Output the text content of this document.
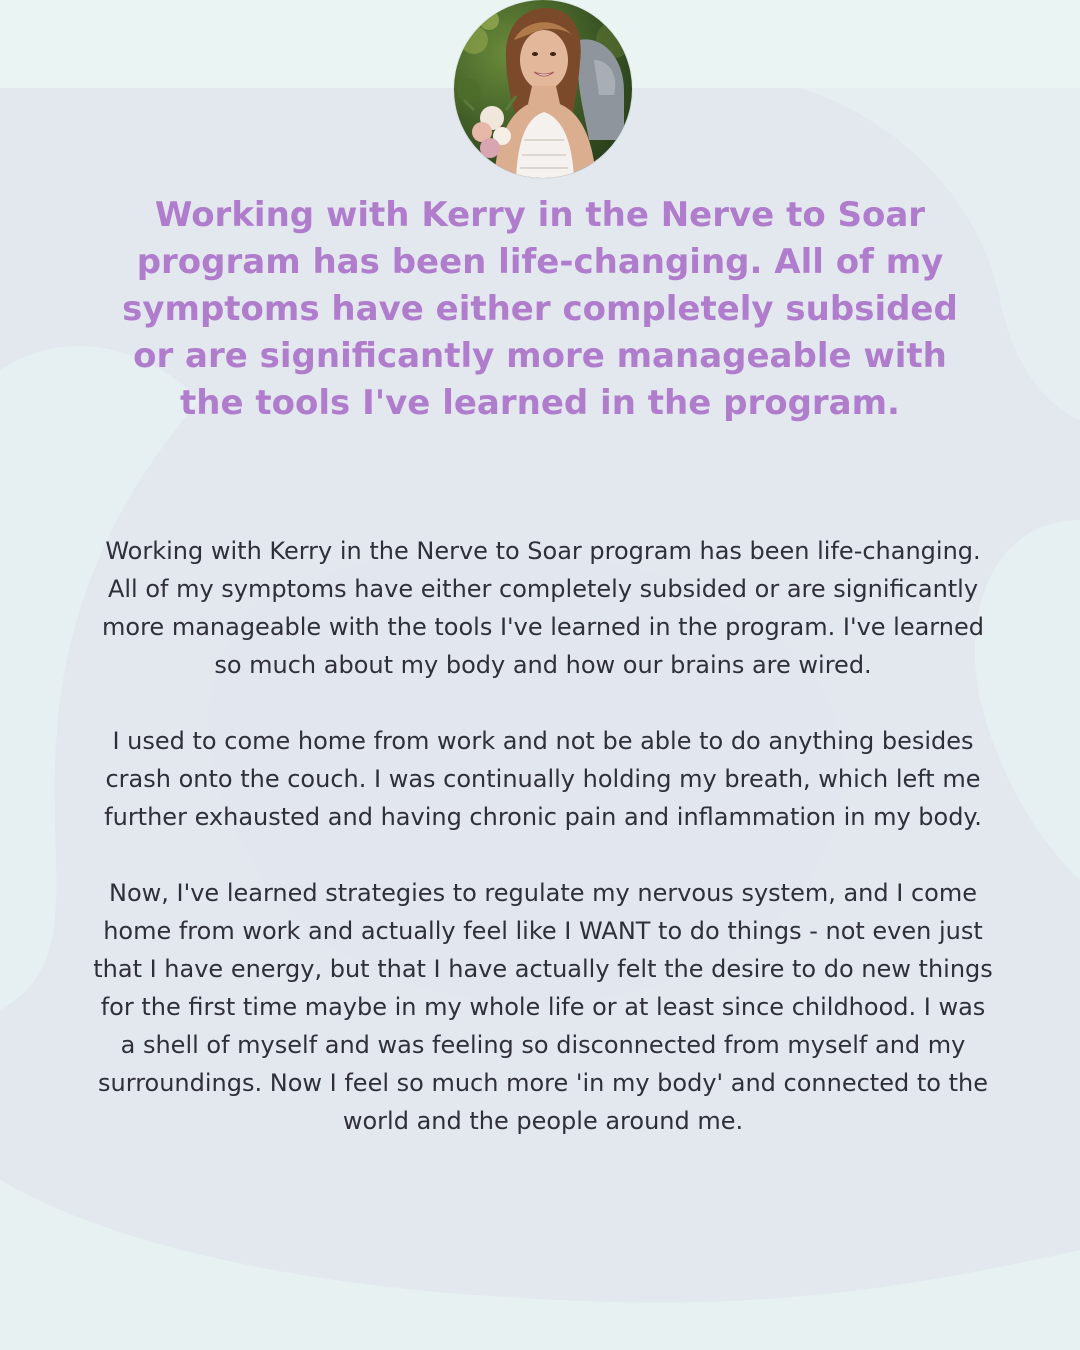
Working with Kerry in the Nerve to Soar program has been life-changing. All of my symptoms have either completely subsided or are significantly more manageable with the tools I've learned in the program.

Working with Kerry in the Nerve to Soar program has been life-changing. All of my symptoms have either completely subsided or are significantly more manageable with the tools I've learned in the program. I've learned so much about my body and how our brains are wired.

I used to come home from work and not be able to do anything besides crash onto the couch. I was continually holding my breath, which left me further exhausted and having chronic pain and inflammation in my body.

Now, I've learned strategies to regulate my nervous system, and I come home from work and actually feel like I WANT to do things - not even just that I have energy, but that I have actually felt the desire to do new things for the first time maybe in my whole life or at least since childhood. I was a shell of myself and was feeling so disconnected from myself and my surroundings. Now I feel so much more 'in my body' and connected to the world and the people around me.
